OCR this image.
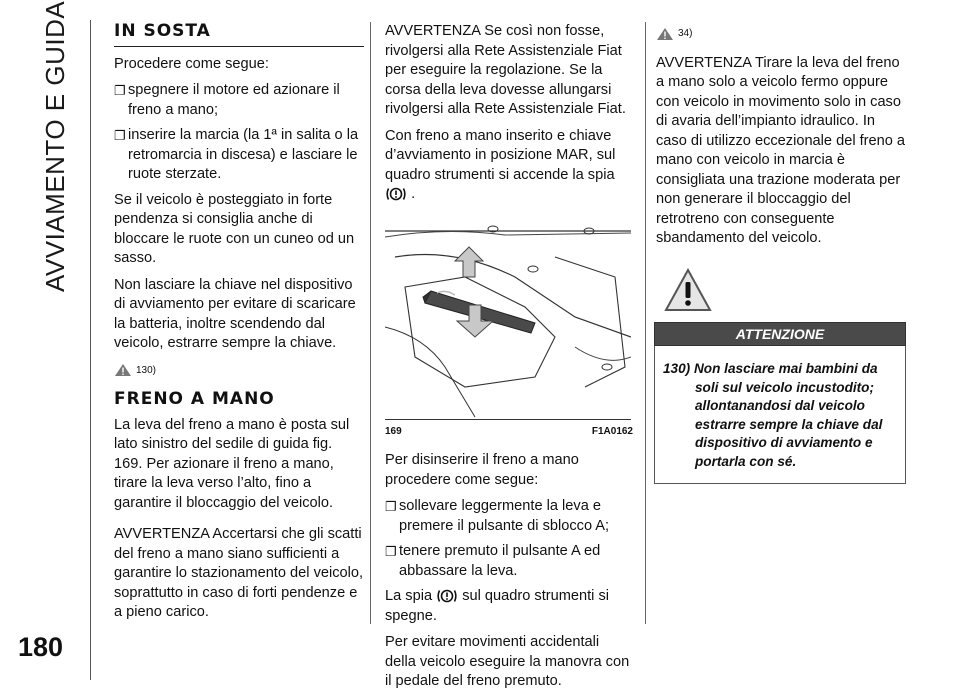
AVVIAMENTO E GUIDA
180
IN SOSTA

Procedere come segue:

❐ spegnere il motore ed azionare il freno a mano;
❐ inserire la marcia (la 1ª in salita o la retromarcia in discesa) e lasciare le ruote sterzate.

Se il veicolo è posteggiato in forte pendenza si consiglia anche di bloccare le ruote con un cuneo od un sasso.

Non lasciare la chiave nel dispositivo di avviamento per evitare di scaricare la batteria, inoltre scendendo dal veicolo, estrarre sempre la chiave.

130)
FRENO A MANO

La leva del freno a mano è posta sul lato sinistro del sedile di guida fig. 169. Per azionare il freno a mano, tirare la leva verso l’alto, fino a garantire il bloccaggio del veicolo.

AVVERTENZA Accertarsi che gli scatti del freno a mano siano sufficienti a garantire lo stazionamento del veicolo, soprattutto in caso di forti pendenze e a pieno carico.

AVVERTENZA Se così non fosse, rivolgersi alla Rete Assistenziale Fiat per eseguire la regolazione. Se la corsa della leva dovesse allungarsi rivolgersi alla Rete Assistenziale Fiat.

Con freno a mano inserito e chiave d’avviamento in posizione MAR, sul quadro strumenti si accende la spia
.

169	F1A0162

Per disinserire il freno a mano procedere come segue:

❐ sollevare leggermente la leva e premere il pulsante di sblocco A;
❐ tenere premuto il pulsante A ed abbassare la leva.

La spia sul quadro strumenti si spegne.

Per evitare movimenti accidentali della veicolo eseguire la manovra con il pedale del freno premuto.

34)

AVVERTENZA Tirare la leva del freno a mano solo a veicolo fermo oppure con veicolo in movimento solo in caso di avaria dell’impianto idraulico. In caso di utilizzo eccezionale del freno a mano con veicolo in marcia è consigliata una trazione moderata per non generare il bloccaggio del retrotreno con conseguente sbandamento del veicolo.

ATTENZIONE
130) Non lasciare mai bambini da soli sul veicolo incustodito; allontanandosi dal veicolo estrarre sempre la chiave dal dispositivo di avviamento e portarla con sé.
